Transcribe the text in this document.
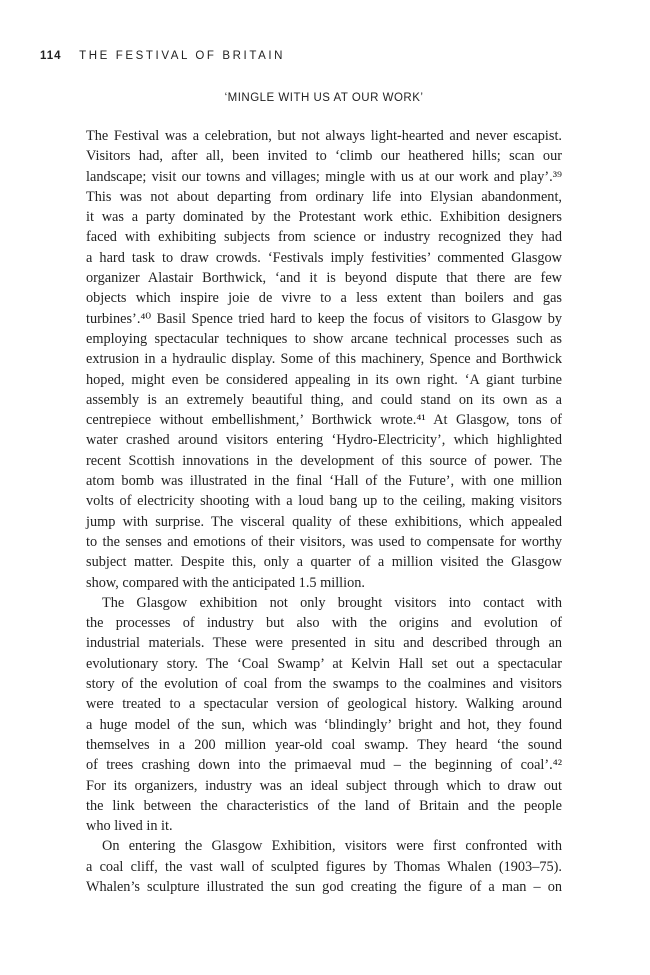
114 THE FESTIVAL OF BRITAIN
‘MINGLE WITH US AT OUR WORK’
The Festival was a celebration, but not always light-hearted and never escapist.
Visitors had, after all, been invited to ‘climb our heathered hills; scan our
landscape; visit our towns and villages; mingle with us at our work and play’.³⁹
This was not about departing from ordinary life into Elysian abandonment,
it was a party dominated by the Protestant work ethic. Exhibition designers
faced with exhibiting subjects from science or industry recognized they had
a hard task to draw crowds. ‘Festivals imply festivities’ commented Glasgow
organizer Alastair Borthwick, ‘and it is beyond dispute that there are few
objects which inspire joie de vivre to a less extent than boilers and gas
turbines’.⁴⁰ Basil Spence tried hard to keep the focus of visitors to Glasgow by
employing spectacular techniques to show arcane technical processes such as
extrusion in a hydraulic display. Some of this machinery, Spence and Borthwick
hoped, might even be considered appealing in its own right. ‘A giant turbine
assembly is an extremely beautiful thing, and could stand on its own as a
centrepiece without embellishment,’ Borthwick wrote.⁴¹ At Glasgow, tons of
water crashed around visitors entering ‘Hydro-Electricity’, which highlighted
recent Scottish innovations in the development of this source of power. The
atom bomb was illustrated in the final ‘Hall of the Future’, with one million
volts of electricity shooting with a loud bang up to the ceiling, making visitors
jump with surprise. The visceral quality of these exhibitions, which appealed
to the senses and emotions of their visitors, was used to compensate for worthy
subject matter. Despite this, only a quarter of a million visited the Glasgow
show, compared with the anticipated 1.5 million.
The Glasgow exhibition not only brought visitors into contact with
the processes of industry but also with the origins and evolution of
industrial materials. These were presented in situ and described through an
evolutionary story. The ‘Coal Swamp’ at Kelvin Hall set out a spectacular
story of the evolution of coal from the swamps to the coalmines and visitors
were treated to a spectacular version of geological history. Walking around
a huge model of the sun, which was ‘blindingly’ bright and hot, they found
themselves in a 200 million year-old coal swamp. They heard ‘the sound
of trees crashing down into the primaeval mud – the beginning of coal’.⁴²
For its organizers, industry was an ideal subject through which to draw out
the link between the characteristics of the land of Britain and the people
who lived in it.
On entering the Glasgow Exhibition, visitors were first confronted with
a coal cliff, the vast wall of sculpted figures by Thomas Whalen (1903–75).
Whalen’s sculpture illustrated the sun god creating the figure of a man – on
